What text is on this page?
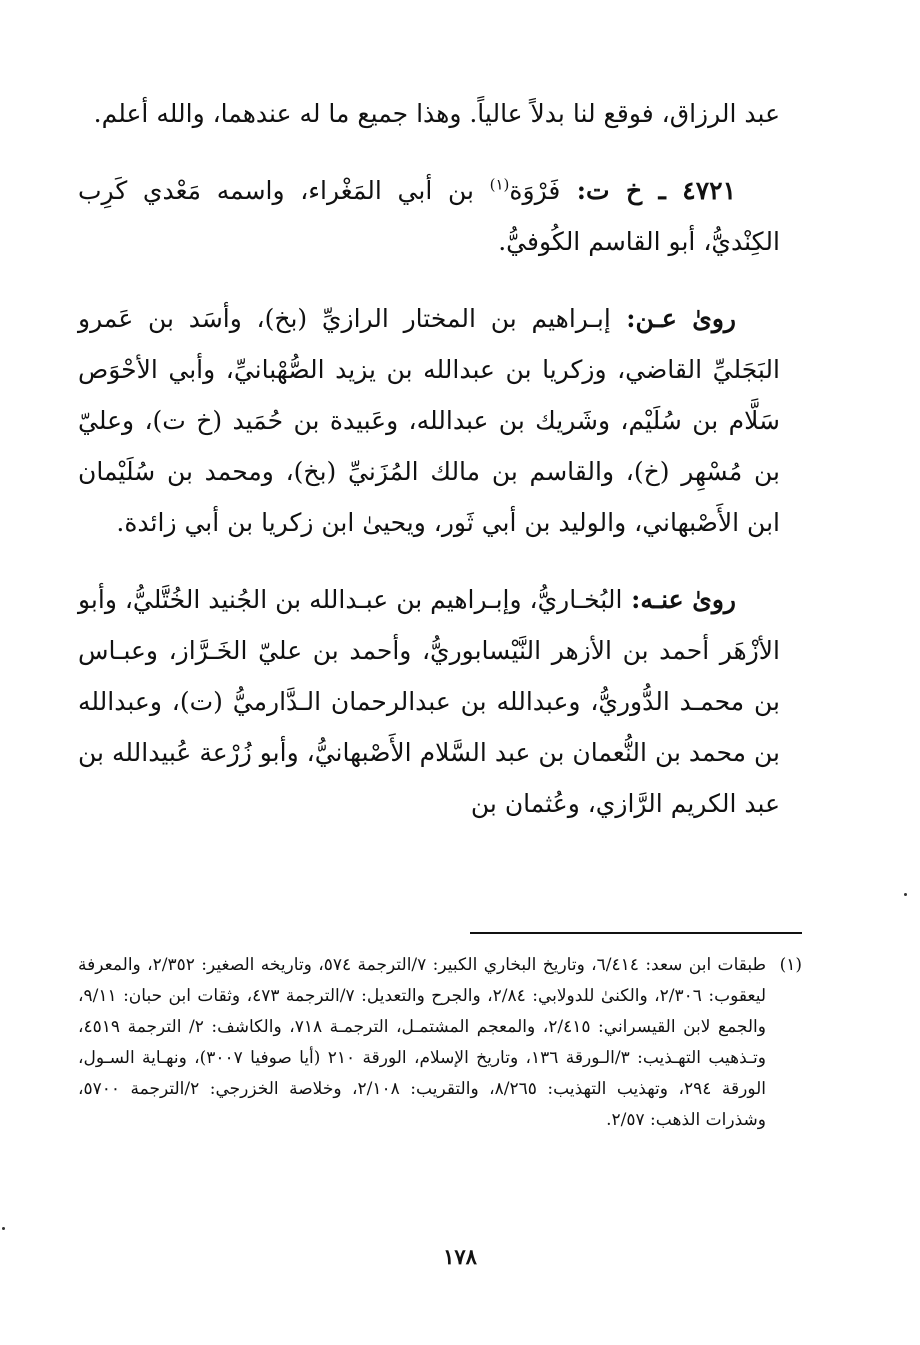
عبد الرزاق، فوقع لنا بدلاً عالياً. وهذا جميع ما له عندهما، والله أعلم.

٤٧٢١ ـ خ ت: فَرْوَة$^{(١)}$ بن أبي المَغْراء، واسمه مَعْدي كَرِب الكِنْديُّ، أبو القاسم الكُوفيُّ.

روىٰ عـن: إبـراهيم بن المختار الرازيِّ (بخ)، وأسَد بن عَمرو البَجَليِّ القاضي، وزكريا بن عبدالله بن يزيد الصُّهْبانيِّ، وأبي الأحْوَص سَلَّام بن سُلَيْم، وشَريك بن عبدالله، وعَبيدة بن حُمَيد (خ ت)، وعليّ بن مُسْهِر (خ)، والقاسم بن مالك المُزَنيِّ (بخ)، ومحمد بن سُلَيْمان ابن الأَصْبهاني، والوليد بن أبي ثَور، ويحيىٰ ابن زكريا بن أبي زائدة.

روىٰ عنـه: البُخـاريُّ، وإبـراهيم بن عبـدالله بن الجُنيد الخُتَّليُّ، وأبو الأزْهَر أحمد بن الأزهر النَّيْسابوريُّ، وأحمد بن عليّ الخَـرَّاز، وعبـاس بن محمـد الدُّوريُّ، وعبدالله بن عبدالرحمان الـدَّارميُّ (ت)، وعبدالله بن محمد بن النُّعمان بن عبد السَّلام الأَصْبهانيُّ، وأبو زُرْعة عُبيدالله بن عبد الكريم الرَّازي، وعُثمان بن

(١)
طبقات ابن سعد: ٦/٤١٤، وتاريخ البخاري الكبير: ٧/الترجمة ٥٧٤، وتاريخه الصغير: ٢/٣٥٢، والمعرفة ليعقوب: ٢/٣٠٦، والكنىٰ للدولابي: ٢/٨٤، والجرح والتعديل: ٧/الترجمة ٤٧٣، وثقات ابن حبان: ٩/١١، والجمع لابن القيسراني: ٢/٤١٥، والمعجم المشتمـل، الترجمـة ٧١٨، والكاشف: ٢/ الترجمة ٤٥١٩، وتـذهيب التهـذيب: ٣/الـورقة ١٣٦، وتاريخ الإسلام، الورقة ٢١٠ (أيا صوفيا ٣٠٠٧)، ونهـاية السـول، الورقة ٢٩٤، وتهذيب التهذيب: ٨/٢٦٥، والتقريب: ٢/١٠٨، وخلاصة الخزرجي: ٢/الترجمة ٥٧٠٠، وشذرات الذهب: ٢/٥٧.
١٧٨
